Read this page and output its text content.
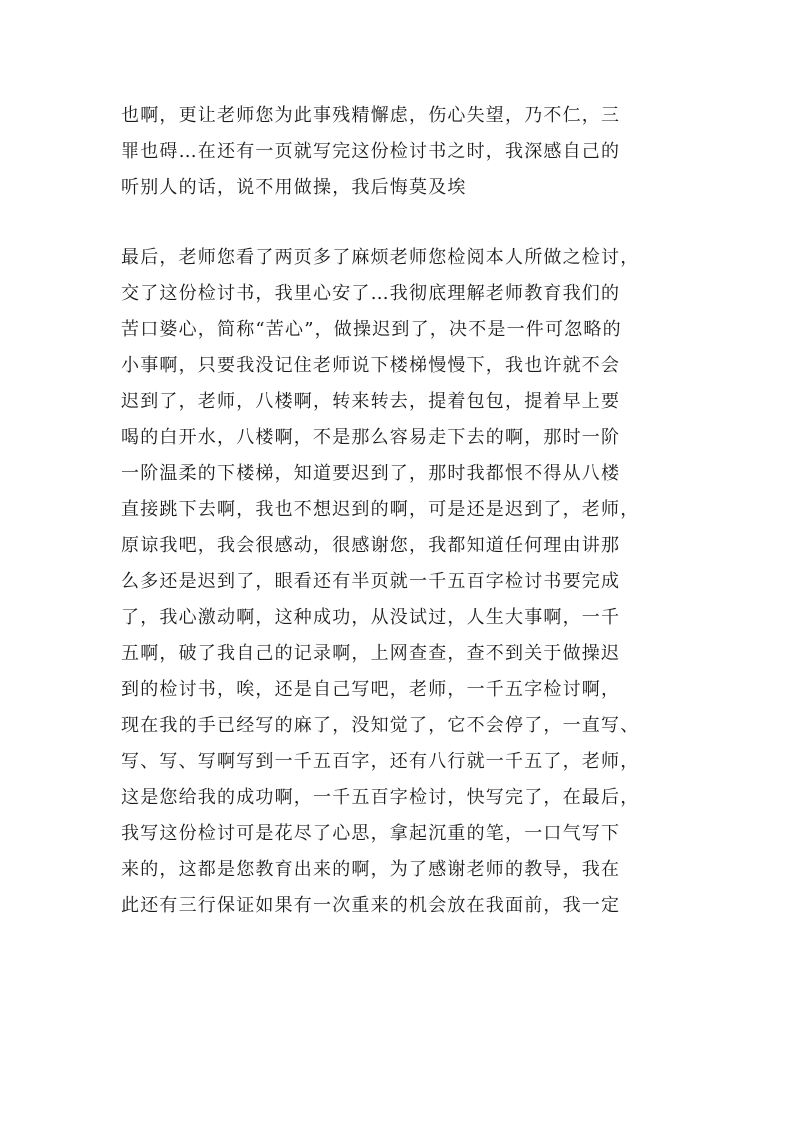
也啊，更让老师您为此事残精懈虑，伤心失望，乃不仁，三
罪也碍…在还有一页就写完这份检讨书之时，我深感自己的
听别人的话，说不用做操，我后悔莫及埃

最后，老师您看了两页多了麻烦老师您检阅本人所做之检讨，
交了这份检讨书，我里心安了…我彻底理解老师教育我们的
苦口婆心，简称“苦心”，做操迟到了，决不是一件可忽略的
小事啊，只要我没记住老师说下楼梯慢慢下，我也许就不会
迟到了，老师，八楼啊，转来转去，提着包包，提着早上要
喝的白开水，八楼啊，不是那么容易走下去的啊，那时一阶
一阶温柔的下楼梯，知道要迟到了，那时我都恨不得从八楼
直接跳下去啊，我也不想迟到的啊，可是还是迟到了，老师，
原谅我吧，我会很感动，很感谢您，我都知道任何理由讲那
么多还是迟到了，眼看还有半页就一千五百字检讨书要完成
了，我心激动啊，这种成功，从没试过，人生大事啊，一千
五啊，破了我自己的记录啊，上网查查，查不到关于做操迟
到的检讨书，唉，还是自己写吧，老师，一千五字检讨啊，
现在我的手已经写的麻了，没知觉了，它不会停了，一直写、
写、写、写啊写到一千五百字，还有八行就一千五了，老师，
这是您给我的成功啊，一千五百字检讨，快写完了，在最后，
我写这份检讨可是花尽了心思，拿起沉重的笔，一口气写下
来的，这都是您教育出来的啊，为了感谢老师的教导，我在
此还有三行保证如果有一次重来的机会放在我面前，我一定
